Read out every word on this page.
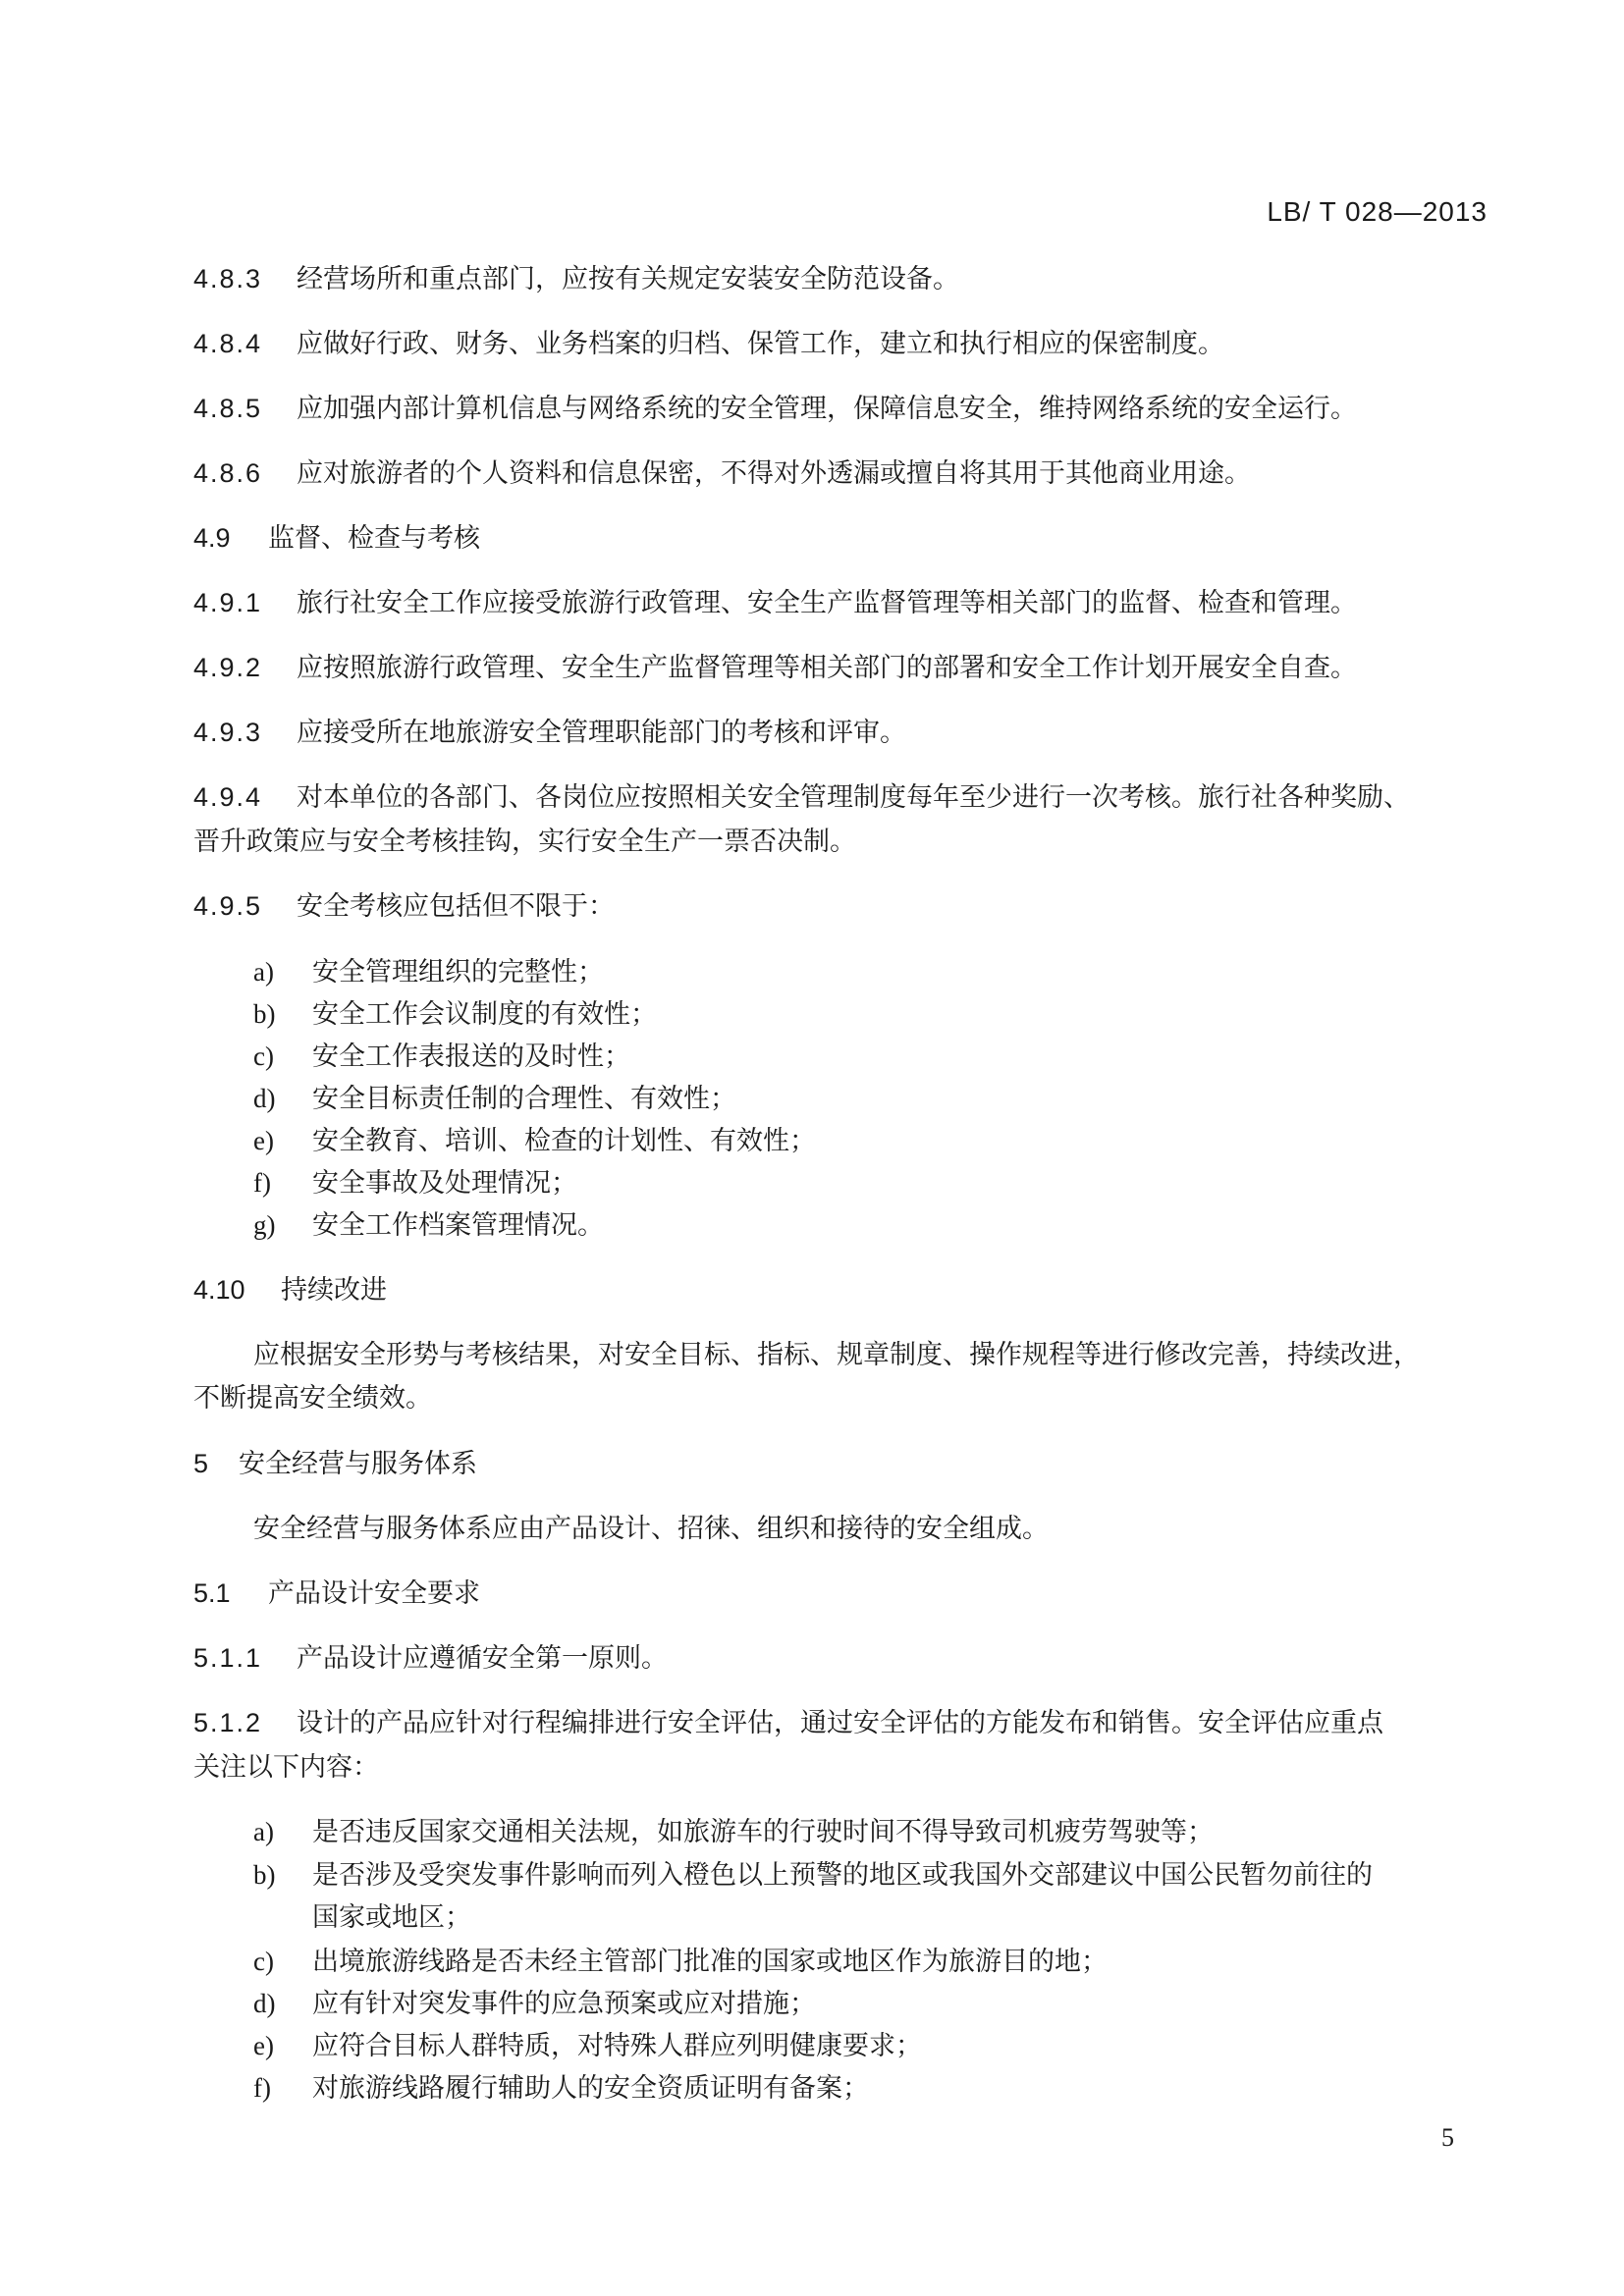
LB/ T 028—2013
4.8.3 经营场所和重点部门，应按有关规定安装安全防范设备。
4.8.4 应做好行政、财务、业务档案的归档、保管工作，建立和执行相应的保密制度。
4.8.5 应加强内部计算机信息与网络系统的安全管理，保障信息安全，维持网络系统的安全运行。
4.8.6 应对旅游者的个人资料和信息保密，不得对外透漏或擅自将其用于其他商业用途。
4.9 监督、检查与考核
4.9.1 旅行社安全工作应接受旅游行政管理、安全生产监督管理等相关部门的监督、检查和管理。
4.9.2 应按照旅游行政管理、安全生产监督管理等相关部门的部署和安全工作计划开展安全自查。
4.9.3 应接受所在地旅游安全管理职能部门的考核和评审。
4.9.4 对本单位的各部门、各岗位应按照相关安全管理制度每年至少进行一次考核。旅行社各种奖励、
晋升政策应与安全考核挂钩，实行安全生产一票否决制。
4.9.5 安全考核应包括但不限于：
a) 安全管理组织的完整性；
b) 安全工作会议制度的有效性；
c) 安全工作表报送的及时性；
d) 安全目标责任制的合理性、有效性；
e) 安全教育、培训、检查的计划性、有效性；
f) 安全事故及处理情况；
g) 安全工作档案管理情况。
4.10 持续改进
应根据安全形势与考核结果，对安全目标、指标、规章制度、操作规程等进行修改完善，持续改进，
不断提高安全绩效。
5 安全经营与服务体系
安全经营与服务体系应由产品设计、招徕、组织和接待的安全组成。
5.1 产品设计安全要求
5.1.1 产品设计应遵循安全第一原则。
5.1.2 设计的产品应针对行程编排进行安全评估，通过安全评估的方能发布和销售。安全评估应重点
关注以下内容：
a) 是否违反国家交通相关法规，如旅游车的行驶时间不得导致司机疲劳驾驶等；
b) 是否涉及受突发事件影响而列入橙色以上预警的地区或我国外交部建议中国公民暂勿前往的
国家或地区；
c) 出境旅游线路是否未经主管部门批准的国家或地区作为旅游目的地；
d) 应有针对突发事件的应急预案或应对措施；
e) 应符合目标人群特质，对特殊人群应列明健康要求；
f) 对旅游线路履行辅助人的安全资质证明有备案；
5
